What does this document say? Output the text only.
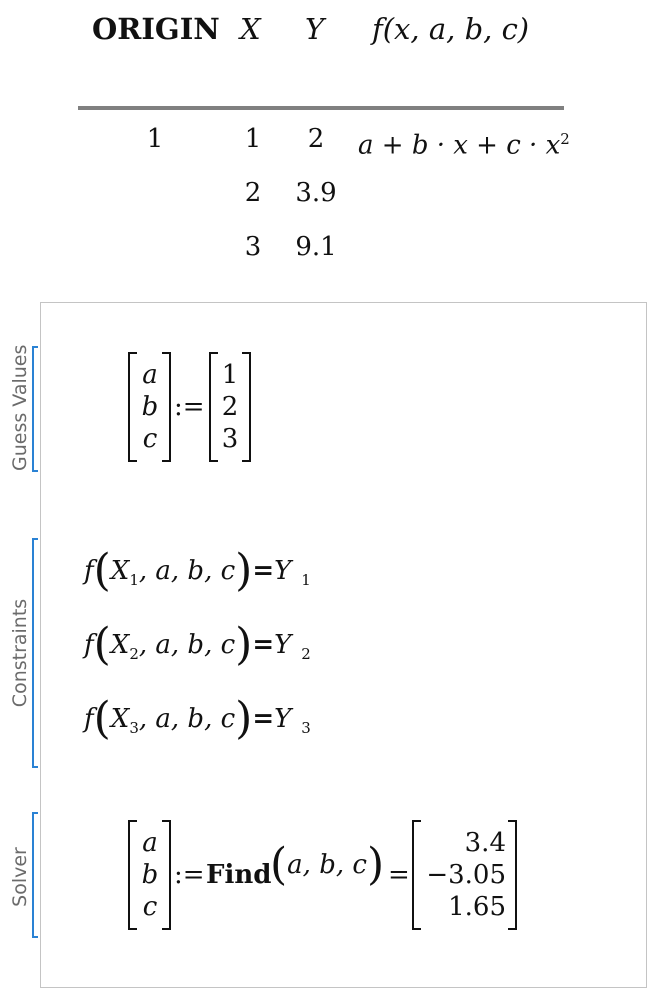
ORIGIN X Y f(x, a, b, c)
1	1
2
3
2
3.9
9.1
$a + b \cdot x + c \cdot x^2$
Guess Values
Constraints
Solver
a
b
c
:=
1
2
3
$f(X_1$, a, b, c)=Y $_1$
$f(X_2$, a, b, c)=Y $_2$
$f(X_3$, a, b, c)=Y $_3$
a
b
c
:= Find
(a, b, c) =
3.4
−3.05
1.65
